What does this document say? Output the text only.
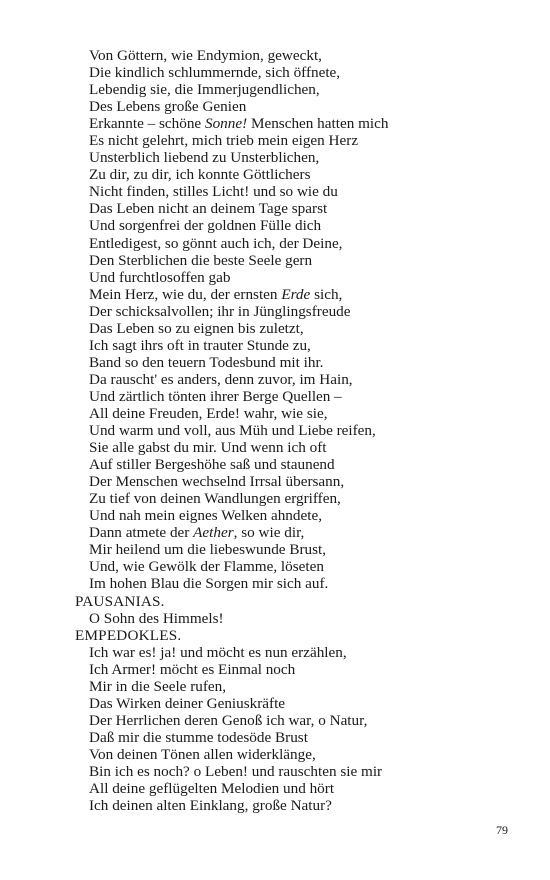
Von Göttern, wie Endymion, geweckt,
Die kindlich schlummernde, sich öffnete,
Lebendig sie, die Immerjugendlichen,
Des Lebens große Genien
Erkannte – schöne Sonne! Menschen hatten mich
Es nicht gelehrt, mich trieb mein eigen Herz
Unsterblich liebend zu Unsterblichen,
Zu dir, zu dir, ich konnte Göttlichers
Nicht finden, stilles Licht! und so wie du
Das Leben nicht an deinem Tage sparst
Und sorgenfrei der goldnen Fülle dich
Entledigest, so gönnt auch ich, der Deine,
Den Sterblichen die beste Seele gern
Und furchtlosoffen gab
Mein Herz, wie du, der ernsten Erde sich,
Der schicksalvollen; ihr in Jünglingsfreude
Das Leben so zu eignen bis zuletzt,
Ich sagt ihrs oft in trauter Stunde zu,
Band so den teuern Todesbund mit ihr.
Da rauscht' es anders, denn zuvor, im Hain,
Und zärtlich tönten ihrer Berge Quellen –
All deine Freuden, Erde! wahr, wie sie,
Und warm und voll, aus Müh und Liebe reifen,
Sie alle gabst du mir. Und wenn ich oft
Auf stiller Bergeshöhe saß und staunend
Der Menschen wechselnd Irrsal übersann,
Zu tief von deinen Wandlungen ergriffen,
Und nah mein eignes Welken ahndete,
Dann atmete der Aether, so wie dir,
Mir heilend um die liebeswunde Brust,
Und, wie Gewölk der Flamme, löseten
Im hohen Blau die Sorgen mir sich auf.
PAUSANIAS.
O Sohn des Himmels!
EMPEDOKLES.
Ich war es! ja! und möcht es nun erzählen,
Ich Armer! möcht es Einmal noch
Mir in die Seele rufen,
Das Wirken deiner Geniuskräfte
Der Herrlichen deren Genoß ich war, o Natur,
Daß mir die stumme todesöde Brust
Von deinen Tönen allen widerklänge,
Bin ich es noch? o Leben! und rauschten sie mir
All deine geflügelten Melodien und hört
Ich deinen alten Einklang, große Natur?
79
